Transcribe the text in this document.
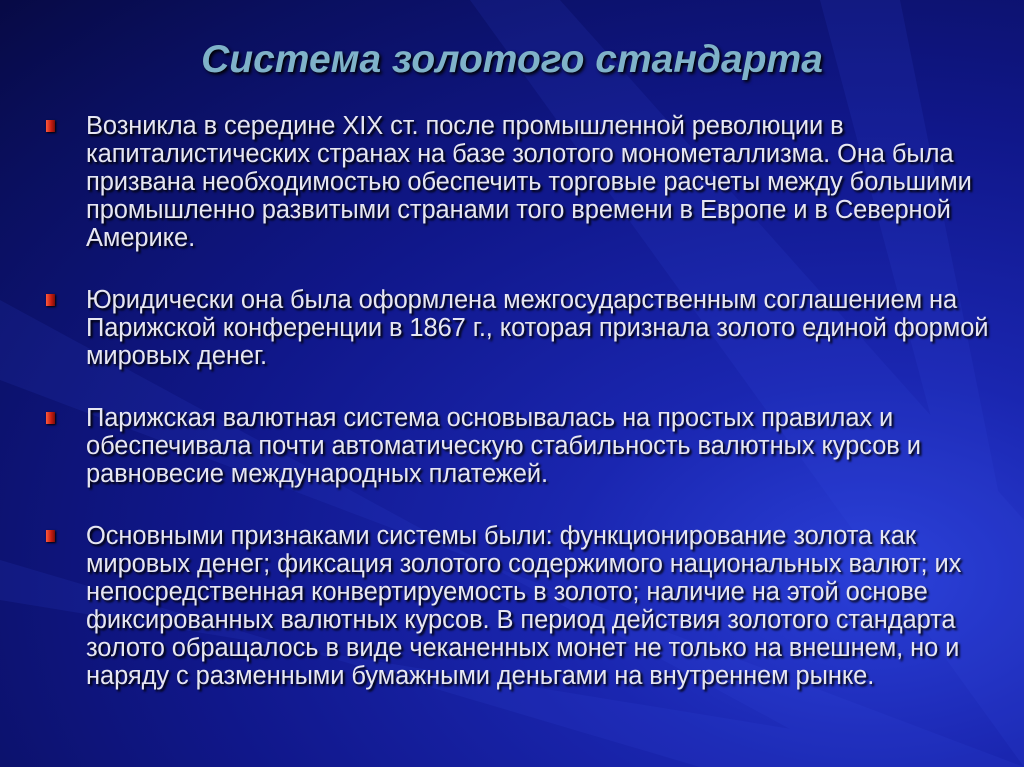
Система золотого стандарта
Возникла в середине XIX ст. после промышленной революции в капиталистических странах на базе золотого монометаллизма. Она была призвана необходимостью обеспечить торговые расчеты между большими промышленно развитыми странами того времени в Европе и в Северной Америке.
Юридически она была оформлена межгосударственным соглашением на Парижской конференции в 1867 г., которая признала золото единой формой мировых денег.
Парижская валютная система основывалась на простых правилах и обеспечивала почти автоматическую стабильность валютных курсов и равновесие международных платежей.
Основными признаками системы были: функционирование золота как мировых денег; фиксация золотого содержимого национальных валют; их непосредственная конвертируемость в золото; наличие на этой основе фиксированных валютных курсов. В период действия золотого стандарта золото обращалось в виде чеканенных монет не только на внешнем, но и наряду с разменными бумажными деньгами на внутреннем рынке.
